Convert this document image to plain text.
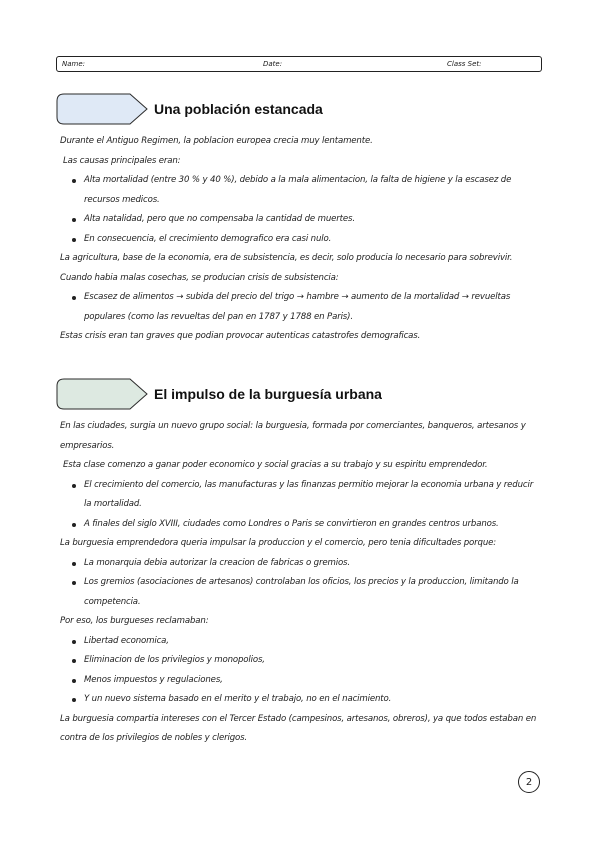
Name:	Date:	Class Set:
Una población estancada

Durante el Antiguo Regimen, la poblacion europea crecia muy lentamente.

Las causas principales eran:

Alta mortalidad (entre 30 % y 40 %), debido a la mala alimentacion, la falta de higiene y la escasez de recursos medicos.
Alta natalidad, pero que no compensaba la cantidad de muertes.
En consecuencia, el crecimiento demografico era casi nulo.

La agricultura, base de la economia, era de subsistencia, es decir, solo producia lo necesario para sobrevivir. Cuando habia malas cosechas, se producian crisis de subsistencia:

Escasez de alimentos → subida del precio del trigo → hambre → aumento de la mortalidad → revueltas populares (como las revueltas del pan en 1787 y 1788 en Paris).

Estas crisis eran tan graves que podian provocar autenticas catastrofes demograficas.

El impulso de la burguesía urbana

En las ciudades, surgia un nuevo grupo social: la burguesia, formada por comerciantes, banqueros, artesanos y empresarios.

Esta clase comenzo a ganar poder economico y social gracias a su trabajo y su espiritu emprendedor.

El crecimiento del comercio, las manufacturas y las finanzas permitio mejorar la economia urbana y reducir la mortalidad.
A finales del siglo XVIII, ciudades como Londres o Paris se convirtieron en grandes centros urbanos.

La burguesia emprendedora queria impulsar la produccion y el comercio, pero tenia dificultades porque:

La monarquia debia autorizar la creacion de fabricas o gremios.
Los gremios (asociaciones de artesanos) controlaban los oficios, los precios y la produccion, limitando la competencia.

Por eso, los burgueses reclamaban:

Libertad economica,
Eliminacion de los privilegios y monopolios,
Menos impuestos y regulaciones,
Y un nuevo sistema basado en el merito y el trabajo, no en el nacimiento.

La burguesia compartia intereses con el Tercer Estado (campesinos, artesanos, obreros), ya que todos estaban en contra de los privilegios de nobles y clerigos.

2
